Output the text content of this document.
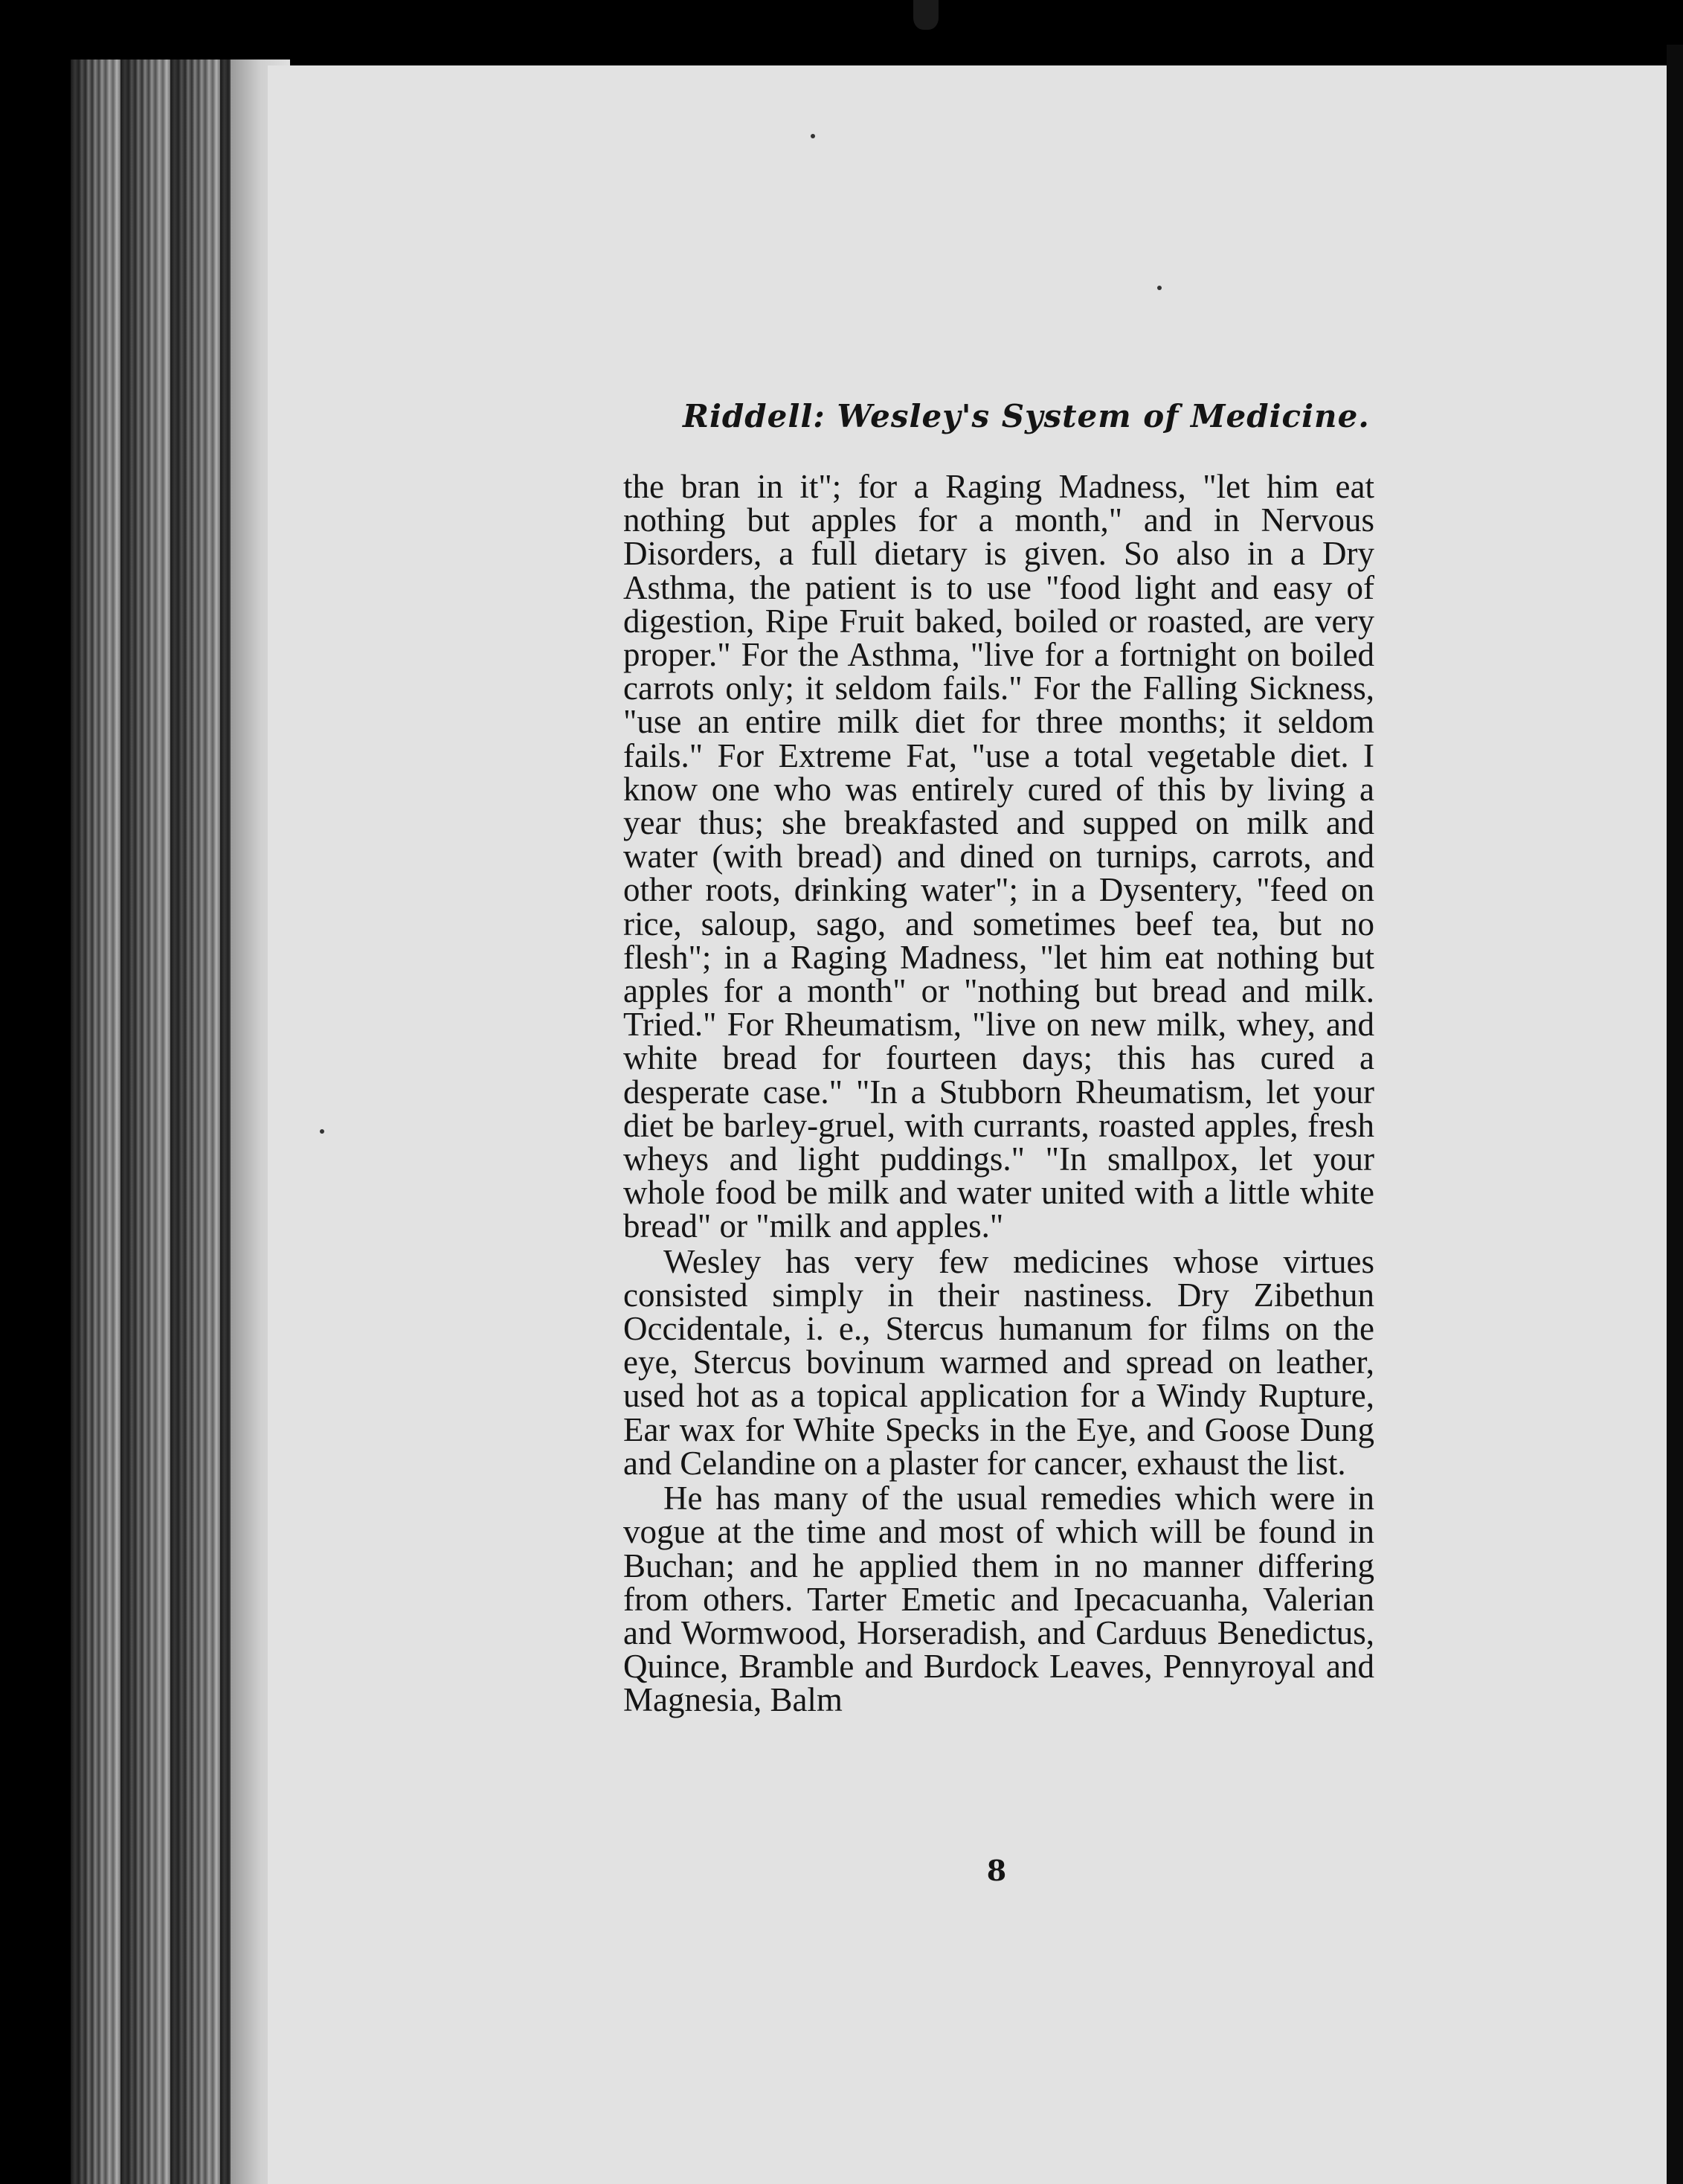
Riddell: Wesley's System of Medicine.

the bran in it"; for a Raging Madness, "let him eat nothing but apples for a month," and in Nervous Disorders, a full dietary is given. So also in a Dry Asthma, the patient is to use "food light and easy of digestion, Ripe Fruit baked, boiled or roasted, are very proper." For the Asthma, "live for a fortnight on boiled carrots only; it seldom fails." For the Falling Sickness, "use an entire milk diet for three months; it seldom fails." For Extreme Fat, "use a total vegetable diet. I know one who was entirely cured of this by living a year thus; she breakfasted and supped on milk and water (with bread) and dined on turnips, carrots, and other roots, drinking water"; in a Dysentery, "feed on rice, saloup, sago, and sometimes beef tea, but no flesh"; in a Raging Madness, "let him eat nothing but apples for a month" or "nothing but bread and milk. Tried." For Rheumatism, "live on new milk, whey, and white bread for fourteen days; this has cured a desperate case." "In a Stubborn Rheumatism, let your diet be barley-gruel, with currants, roasted apples, fresh wheys and light puddings." "In smallpox, let your whole food be milk and water united with a little white bread" or "milk and apples."

Wesley has very few medicines whose virtues consisted simply in their nastiness. Dry Zibethun Occidentale, i. e., Stercus humanum for films on the eye, Stercus bovinum warmed and spread on leather, used hot as a topical application for a Windy Rupture, Ear wax for White Specks in the Eye, and Goose Dung and Celandine on a plaster for cancer, exhaust the list.

He has many of the usual remedies which were in vogue at the time and most of which will be found in Buchan; and he applied them in no manner differing from others. Tarter Emetic and Ipecacuanha, Valerian and Wormwood, Horseradish, and Carduus Benedictus, Quince, Bramble and Burdock Leaves, Pennyroyal and Magnesia, Balm

8
